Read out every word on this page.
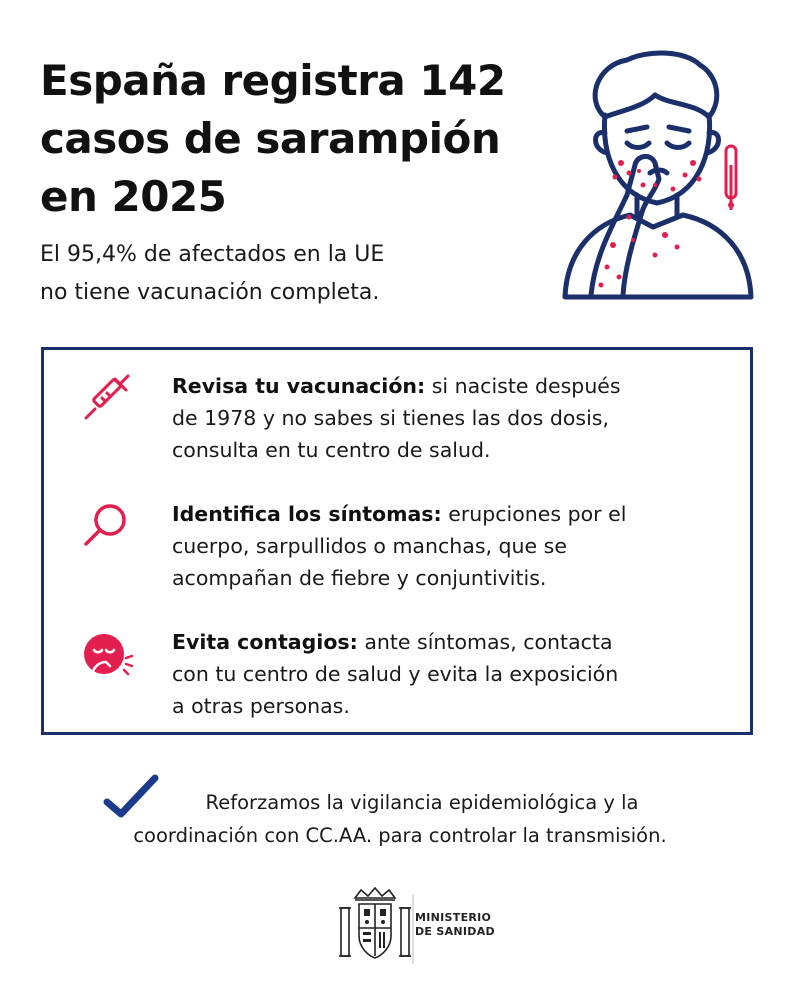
España registra 142
casos de sarampión
en 2025
El 95,4% de afectados en la UE
no tiene vacunación completa.
Revisa tu vacunación: si naciste después
de 1978 y no sabes si tienes las dos dosis,
consulta en tu centro de salud.
Identifica los síntomas: erupciones por el
cuerpo, sarpullidos o manchas, que se
acompañan de fiebre y conjuntivitis.
Evita contagios: ante síntomas, contacta
con tu centro de salud y evita la exposición
a otras personas.
Reforzamos la vigilancia epidemiológica y la
coordinación con CC.AA. para controlar la transmisión.
MINISTERIO
DE SANIDAD
